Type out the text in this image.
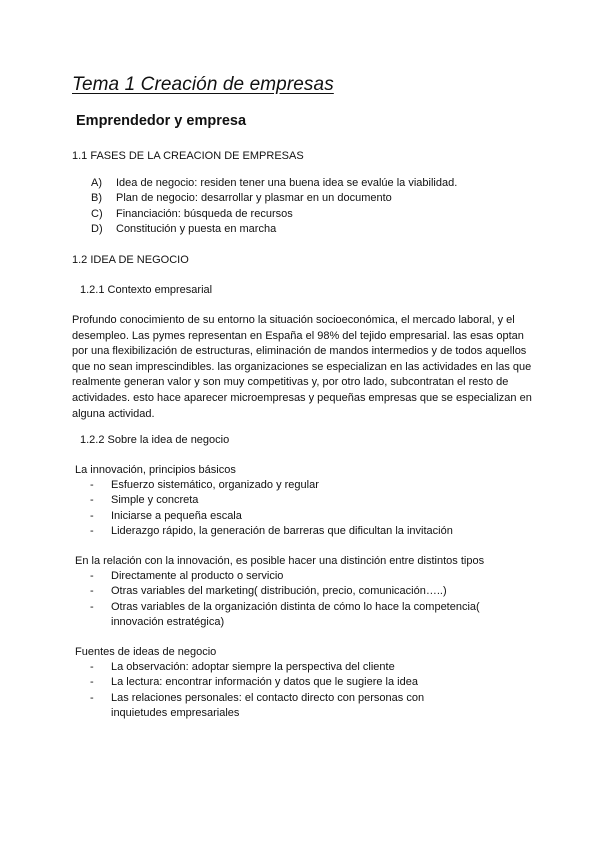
Tema 1 Creación de empresas
Emprendedor y empresa
1.1 FASES DE LA CREACION DE EMPRESAS
A) Idea de negocio: residen tener una buena idea se evalúe la viabilidad.
B) Plan de negocio: desarrollar y plasmar en un documento
C) Financiación: búsqueda de recursos
D) Constitución y puesta en marcha
1.2 IDEA DE NEGOCIO
1.2.1 Contexto empresarial

Profundo conocimiento de su entorno la situación socioeconómica, el mercado laboral, y el desempleo. Las pymes representan en España el 98% del tejido empresarial. las esas optan por una flexibilización de estructuras, eliminación de mandos intermedios y de todos aquellos que no sean imprescindibles. las organizaciones se especializan en las actividades en las que realmente generan valor y son muy competitivas y, por otro lado, subcontratan el resto de actividades. esto hace aparecer microempresas y pequeñas empresas que se especializan en alguna actividad.

1.2.2 Sobre la idea de negocio
La innovación, principios básicos
- Esfuerzo sistemático, organizado y regular
- Simple y concreta
- Iniciarse a pequeña escala
- Liderazgo rápido, la generación de barreras que dificultan la invitación
En la relación con la innovación, es posible hacer una distinción entre distintos tipos
- Directamente al producto o servicio
- Otras variables del marketing( distribución, precio, comunicación…..)
- Otras variables de la organización distinta de cómo lo hace la competencia( innovación estratégica)
Fuentes de ideas de negocio
- La observación: adoptar siempre la perspectiva del cliente
- La lectura: encontrar información y datos que le sugiere la idea
- Las relaciones personales: el contacto directo con personas con inquietudes empresariales
